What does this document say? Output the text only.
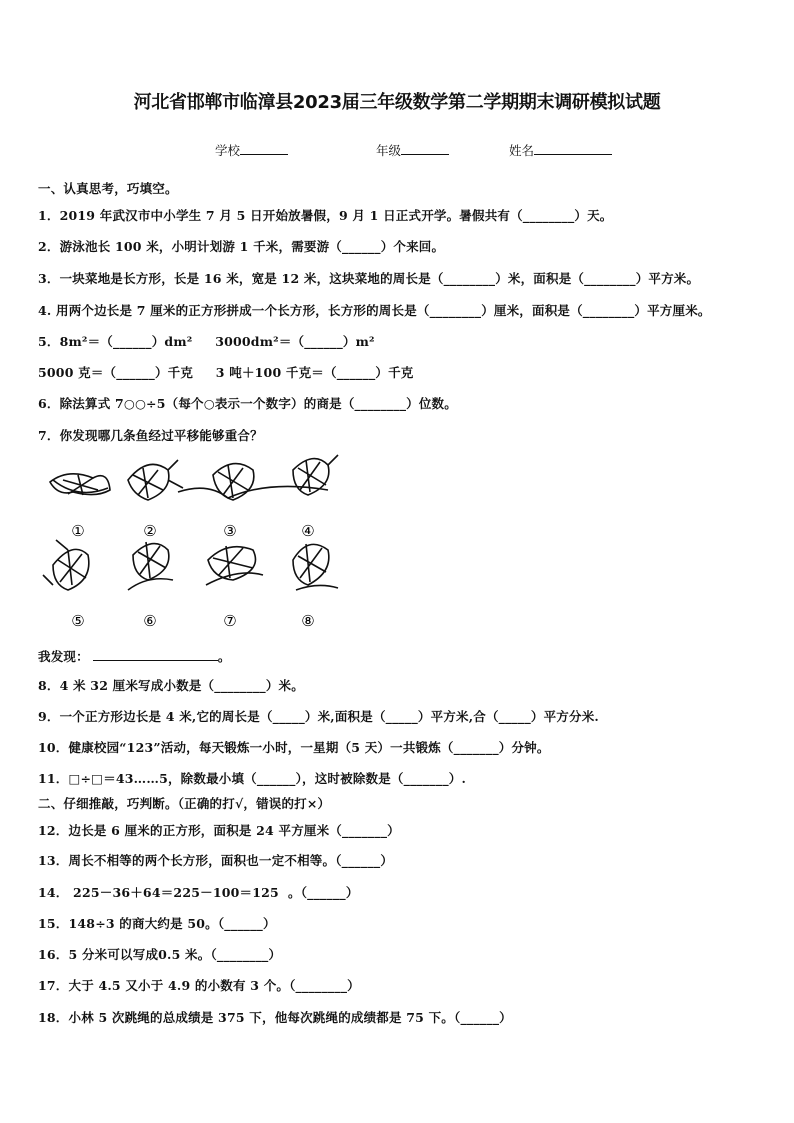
河北省邯郸市临漳县2023届三年级数学第二学期期末调研模拟试题
学校	年级	姓名
一、认真思考，巧填空。
1．2019 年武汉市中小学生 7 月 5 日开始放暑假，9 月 1 日正式开学。暑假共有（________）天。
2．游泳池长 100 米，小明计划游 1 千米，需要游（______）个来回。
3．一块菜地是长方形，长是 16 米，宽是 12 米，这块菜地的周长是（________）米，面积是（________）平方米。
4. 用两个边长是 7 厘米的正方形拼成一个长方形，长方形的周长是（________）厘米，面积是（________）平方厘米。
5．8m²＝（______）dm²     3000dm²＝（______）m²
5000 克＝（______）千克     3 吨＋100 千克＝（______）千克
6．除法算式 7○○÷5（每个○表示一个数字）的商是（________）位数。
7．你发现哪几条鱼经过平移能够重合？
①	②	③	④
⑤	⑥	⑦	⑧
我发现：	。
8．4 米 32 厘米写成小数是（________）米。
9．一个正方形边长是 4 米,它的周长是（_____）米,面积是（_____）平方米,合（_____）平方分米.
10．健康校园“123”活动，每天锻炼一小时，一星期（5 天）一共锻炼（_______）分钟。
11．□÷□＝43……5，除数最小填（______），这时被除数是（_______）.
二、仔细推敲，巧判断。（正确的打√，错误的打×）
12．边长是 6 厘米的正方形，面积是 24 平方厘米（_______）
13．周长不相等的两个长方形，面积也一定不相等。（______）
14． 225－36＋64＝225－100＝125  。（______）
15．148÷3 的商大约是 50。（______）
16．5 分米可以写成0.5 米。（________）
17．大于 4.5 又小于 4.9 的小数有 3 个。（________）
18．小林 5 次跳绳的总成绩是 375 下，他每次跳绳的成绩都是 75 下。（______）
